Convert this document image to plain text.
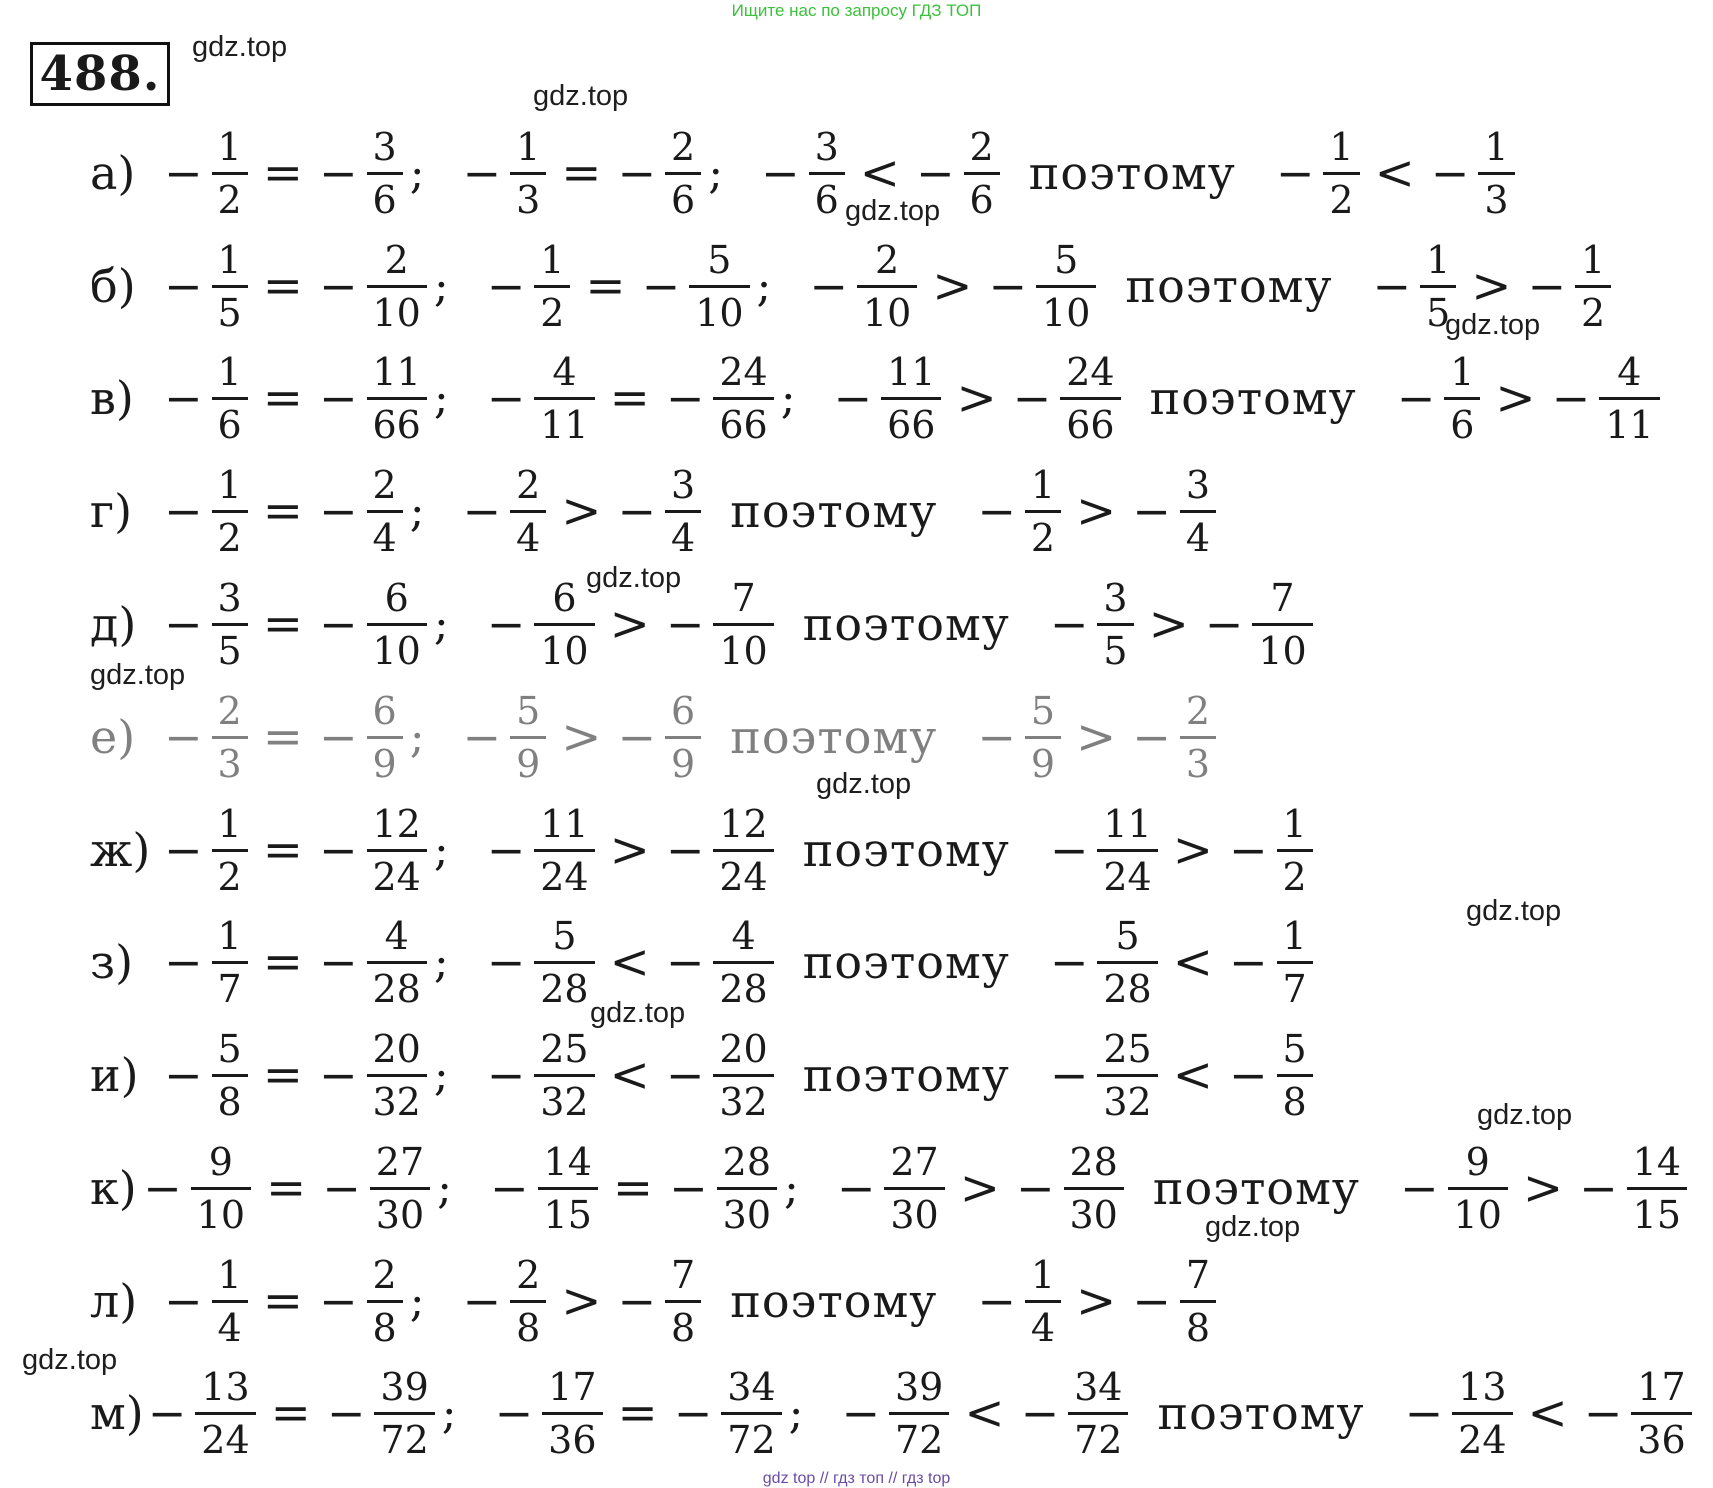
Ищите нас по запросу ГДЗ ТОП
488.	gdz.top
gdz.top
gdz.top
gdz.top
gdz.top
gdz.top
gdz.top
gdz.top
gdz.top
gdz.top
gdz.top
gdz.top
$а) - \frac{1}{2}$ = − $\frac{3}{6}$ ; − $\frac{1}{3}$ = − $\frac{2}{6}$ ; − $\frac{3}{6}$ < − $\frac{2}{6}$ поэтому − $\frac{1}{2}$ < − $\frac{1}{3}$
$б) - \frac{1}{5}$ = − $\frac{2}{10}$ ; − $\frac{1}{2}$ = − $\frac{5}{10}$ ; − $\frac{2}{10}$ > − $\frac{5}{10}$ поэтому − $\frac{1}{5}$ > − $\frac{1}{2}$
$в) - \frac{1}{6}$ = − $\frac{11}{66}$ ; − $\frac{4}{11}$ = − $\frac{24}{66}$ ; − $\frac{11}{66}$ > − $\frac{24}{66}$ поэтому − $\frac{1}{6}$ > − $\frac{4}{11}$
$г) - \frac{1}{2}$ = − $\frac{2}{4}$ ; − $\frac{2}{4}$ > − $\frac{3}{4}$ поэтому − $\frac{1}{2}$ > − $\frac{3}{4}$
$д) - \frac{3}{5}$ = − $\frac{6}{10}$ ; − $\frac{6}{10}$ > − $\frac{7}{10}$ поэтому − $\frac{3}{5}$ > − $\frac{7}{10}$
$е) - \frac{2}{3}$ = − $\frac{6}{9}$ ; − $\frac{5}{9}$ > − $\frac{6}{9}$ поэтому − $\frac{5}{9}$ > − $\frac{2}{3}$
$ж) - \frac{1}{2}$ = − $\frac{12}{24}$ ; − $\frac{11}{24}$ > − $\frac{12}{24}$ поэтому − $\frac{11}{24}$ > − $\frac{1}{2}$
$з) - \frac{1}{7}$ = − $\frac{4}{28}$ ; − $\frac{5}{28}$ < − $\frac{4}{28}$ поэтому − $\frac{5}{28}$ < − $\frac{1}{7}$
$и) - \frac{5}{8}$ = − $\frac{20}{32}$ ; − $\frac{25}{32}$ < − $\frac{20}{32}$ поэтому − $\frac{25}{32}$ < − $\frac{5}{8}$
$к) - \frac{9}{10}$ = − $\frac{27}{30}$ ; − $\frac{14}{15}$ = − $\frac{28}{30}$ ; − $\frac{27}{30}$ > − $\frac{28}{30}$ поэтому − $\frac{9}{10}$ > − $\frac{14}{15}$
$л) - \frac{1}{4}$ = − $\frac{2}{8}$ ; − $\frac{2}{8}$ > − $\frac{7}{8}$ поэтому − $\frac{1}{4}$ > − $\frac{7}{8}$
$м) - \frac{13}{24}$ = − $\frac{39}{72}$ ; − $\frac{17}{36}$ = − $\frac{34}{72}$ ; − $\frac{39}{72}$ < − $\frac{34}{72}$ поэтому − $\frac{13}{24}$ < − $\frac{17}{36}$
gdz top // гдз топ // гдз top
